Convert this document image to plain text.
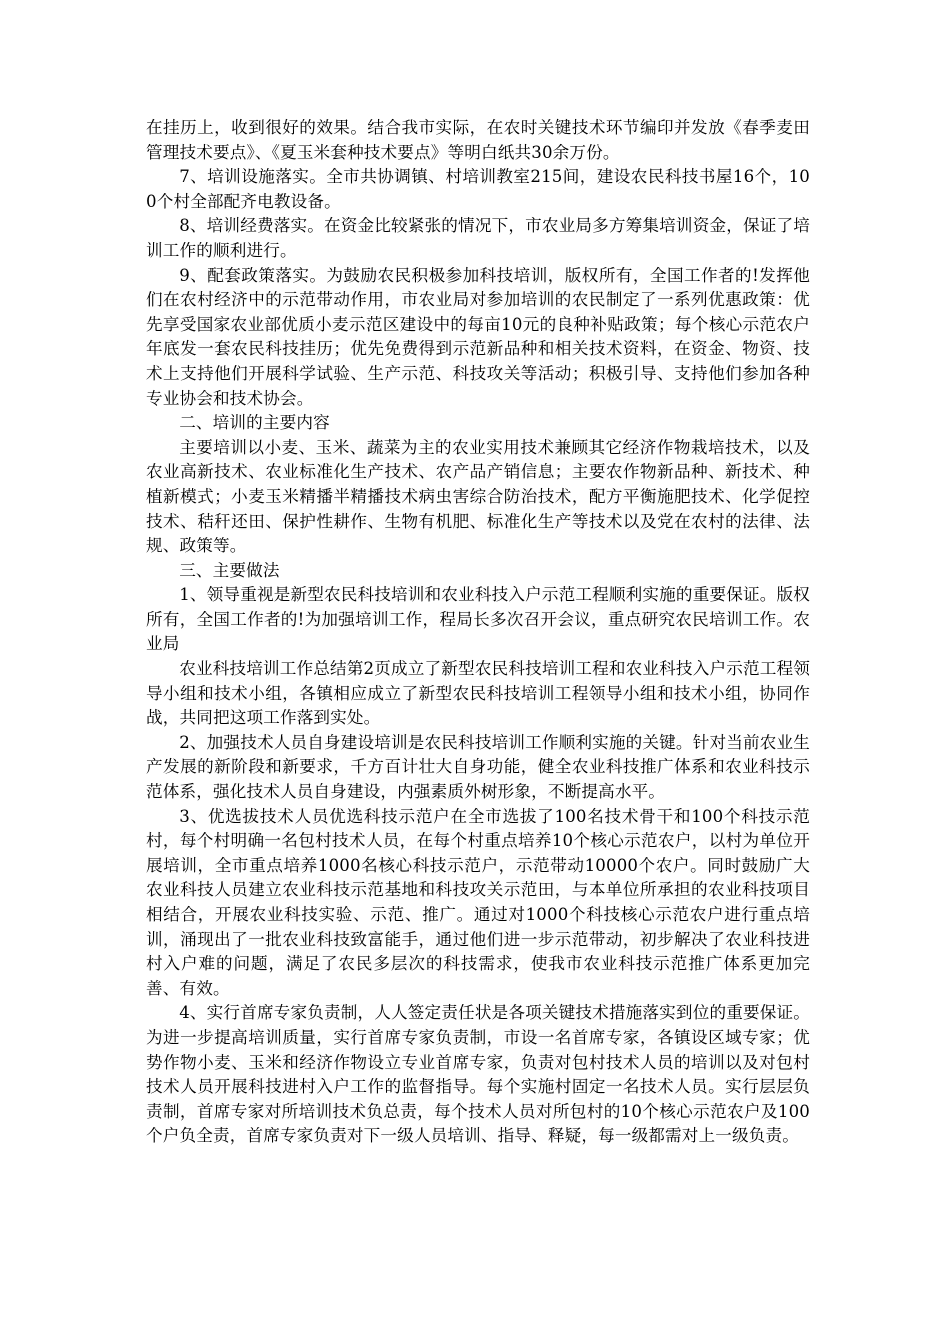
在挂历上，收到很好的效果。结合我市实际，在农时关键技术环节编印并发放《春季麦田管理技术要点》、《夏玉米套种技术要点》等明白纸共30余万份。

7、培训设施落实。全市共协调镇、村培训教室215间，建设农民科技书屋16个，100个村全部配齐电教设备。

8、培训经费落实。在资金比较紧张的情况下，市农业局多方筹集培训资金，保证了培训工作的顺利进行。

9、配套政策落实。为鼓励农民积极参加科技培训，版权所有，全国工作者的!发挥他们在农村经济中的示范带动作用，市农业局对参加培训的农民制定了一系列优惠政策：优先享受国家农业部优质小麦示范区建设中的每亩10元的良种补贴政策；每个核心示范农户年底发一套农民科技挂历；优先免费得到示范新品种和相关技术资料，在资金、物资、技术上支持他们开展科学试验、生产示范、科技攻关等活动；积极引导、支持他们参加各种专业协会和技术协会。

二、培训的主要内容

主要培训以小麦、玉米、蔬菜为主的农业实用技术兼顾其它经济作物栽培技术，以及农业高新技术、农业标准化生产技术、农产品产销信息；主要农作物新品种、新技术、种植新模式；小麦玉米精播半精播技术病虫害综合防治技术，配方平衡施肥技术、化学促控技术、秸秆还田、保护性耕作、生物有机肥、标准化生产等技术以及党在农村的法律、法规、政策等。

三、主要做法

1、领导重视是新型农民科技培训和农业科技入户示范工程顺利实施的重要保证。版权所有，全国工作者的!为加强培训工作，程局长多次召开会议，重点研究农民培训工作。农业局

农业科技培训工作总结第2页成立了新型农民科技培训工程和农业科技入户示范工程领导小组和技术小组，各镇相应成立了新型农民科技培训工程领导小组和技术小组，协同作战，共同把这项工作落到实处。

2、加强技术人员自身建设培训是农民科技培训工作顺利实施的关键。针对当前农业生产发展的新阶段和新要求，千方百计壮大自身功能，健全农业科技推广体系和农业科技示范体系，强化技术人员自身建设，内强素质外树形象，不断提高水平。

3、优选拔技术人员优选科技示范户在全市选拔了100名技术骨干和100个科技示范村，每个村明确一名包村技术人员，在每个村重点培养10个核心示范农户，以村为单位开展培训，全市重点培养1000名核心科技示范户，示范带动10000个农户。同时鼓励广大农业科技人员建立农业科技示范基地和科技攻关示范田，与本单位所承担的农业科技项目相结合，开展农业科技实验、示范、推广。通过对1000个科技核心示范农户进行重点培训，涌现出了一批农业科技致富能手，通过他们进一步示范带动，初步解决了农业科技进村入户难的问题，满足了农民多层次的科技需求，使我市农业科技示范推广体系更加完善、有效。

4、实行首席专家负责制，人人签定责任状是各项关键技术措施落实到位的重要保证。为进一步提高培训质量，实行首席专家负责制，市设一名首席专家，各镇设区域专家；优势作物小麦、玉米和经济作物设立专业首席专家，负责对包村技术人员的培训以及对包村技术人员开展科技进村入户工作的监督指导。每个实施村固定一名技术人员。实行层层负责制，首席专家对所培训技术负总责，每个技术人员对所包村的10个核心示范农户及100个户负全责，首席专家负责对下一级人员培训、指导、释疑，每一级都需对上一级负责。
